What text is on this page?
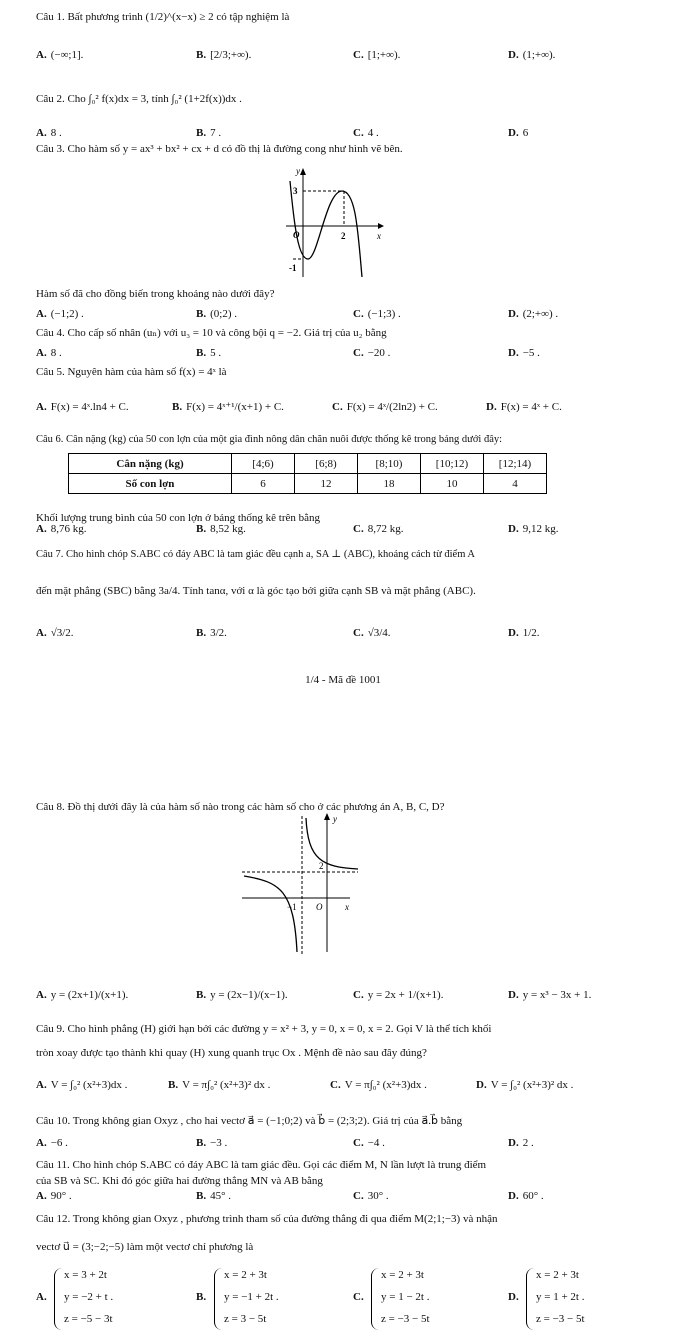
Câu 1. Bất phương trình (1/2)^(x−x) ≥ 2 có tập nghiệm là
A. (−∞;1].	B. [2/3;+∞).	C. [1;+∞).	D. (1;+∞).
Câu 2. Cho ∫₀² f(x)dx = 3, tính ∫₀² (1+2f(x))dx .
A. 8 .	B. 7 .	C. 4 .	D. 6
Câu 3. Cho hàm số y = ax³ + bx² + cx + d có đồ thị là đường cong như hình vẽ bên.
y
x
O
3
2
-1
Hàm số đã cho đồng biến trong khoảng nào dưới đây?
A. (−1;2) .	B. (0;2) .	C. (−1;3) .	D. (2;+∞) .
Câu 4. Cho cấp số nhân (uₙ) với u₃ = 10 và công bội q = −2. Giá trị của u₂ bằng
A. 8 .	B. 5 .	C. −20 .	D. −5 .
Câu 5. Nguyên hàm của hàm số f(x) = 4ˣ là
A. F(x) = 4ˣ.ln4 + C.	B. F(x) = 4ˣ⁺¹/(x+1) + C.	C. F(x) = 4ˣ/(2ln2) + C.	D. F(x) = 4ˣ + C.
Câu 6. Cân nặng (kg) của 50 con lợn của một gia đình nông dân chăn nuôi được thống kê trong bảng dưới đây:
Cân nặng (kg)	[4;6)	[6;8)	[8;10)	[10;12)	[12;14)
Số con lợn	6	12	18	10	4
Khối lượng trung bình của 50 con lợn ở bảng thống kê trên bằng
A. 8,76 kg.	B. 8,52 kg.	C. 8,72 kg.	D. 9,12 kg.
Câu 7. Cho hình chóp S.ABC có đáy ABC là tam giác đều cạnh a, SA ⊥ (ABC), khoảng cách từ điểm A
đến mặt phẳng (SBC) bằng 3a/4. Tính tanα, với α là góc tạo bởi giữa cạnh SB và mặt phẳng (ABC).
A. √3/2.	B. 3/2.	C. √3/4.	D. 1/2.
1/4 - Mã đề 1001
Câu 8. Đồ thị dưới đây là của hàm số nào trong các hàm số cho ở các phương án A, B, C, D?
y
x
O
2
−1
A. y = (2x+1)/(x+1).	B. y = (2x−1)/(x−1).	C. y = 2x + 1/(x+1).	D. y = x³ − 3x + 1.
Câu 9. Cho hình phẳng (H) giới hạn bởi các đường y = x² + 3, y = 0, x = 0, x = 2. Gọi V là thể tích khối
tròn xoay được tạo thành khi quay (H) xung quanh trục Ox . Mệnh đề nào sau đây đúng?
A. V = ∫₀² (x²+3)dx .	B. V = π∫₀² (x²+3)² dx .	C. V = π∫₀² (x²+3)dx .	D. V = ∫₀² (x²+3)² dx .
Câu 10. Trong không gian Oxyz , cho hai vectơ a⃗ = (−1;0;2) và b⃗ = (2;3;2). Giá trị của a⃗.b⃗ bằng
A. −6 .	B. −3 .	C. −4 .	D. 2 .
Câu 11. Cho hình chóp S.ABC có đáy ABC là tam giác đều. Gọi các điểm M, N lần lượt là trung điểm
của SB và SC. Khi đó góc giữa hai đường thẳng MN và AB bằng
A. 90° .	B. 45° .	C. 30° .	D. 60° .
Câu 12. Trong không gian Oxyz , phương trình tham số của đường thẳng đi qua điểm M(2;1;−3) và nhận
vectơ u⃗ = (3;−2;−5) làm một vectơ chỉ phương là
A.
x = 3 + 2t
y = −2 + t .
z = −5 − 3t
B.
x = 2 + 3t
y = −1 + 2t .
z = 3 − 5t
C.
x = 2 + 3t
y = 1 − 2t .
z = −3 − 5t
D.
x = 2 + 3t
y = 1 + 2t .
z = −3 − 5t
